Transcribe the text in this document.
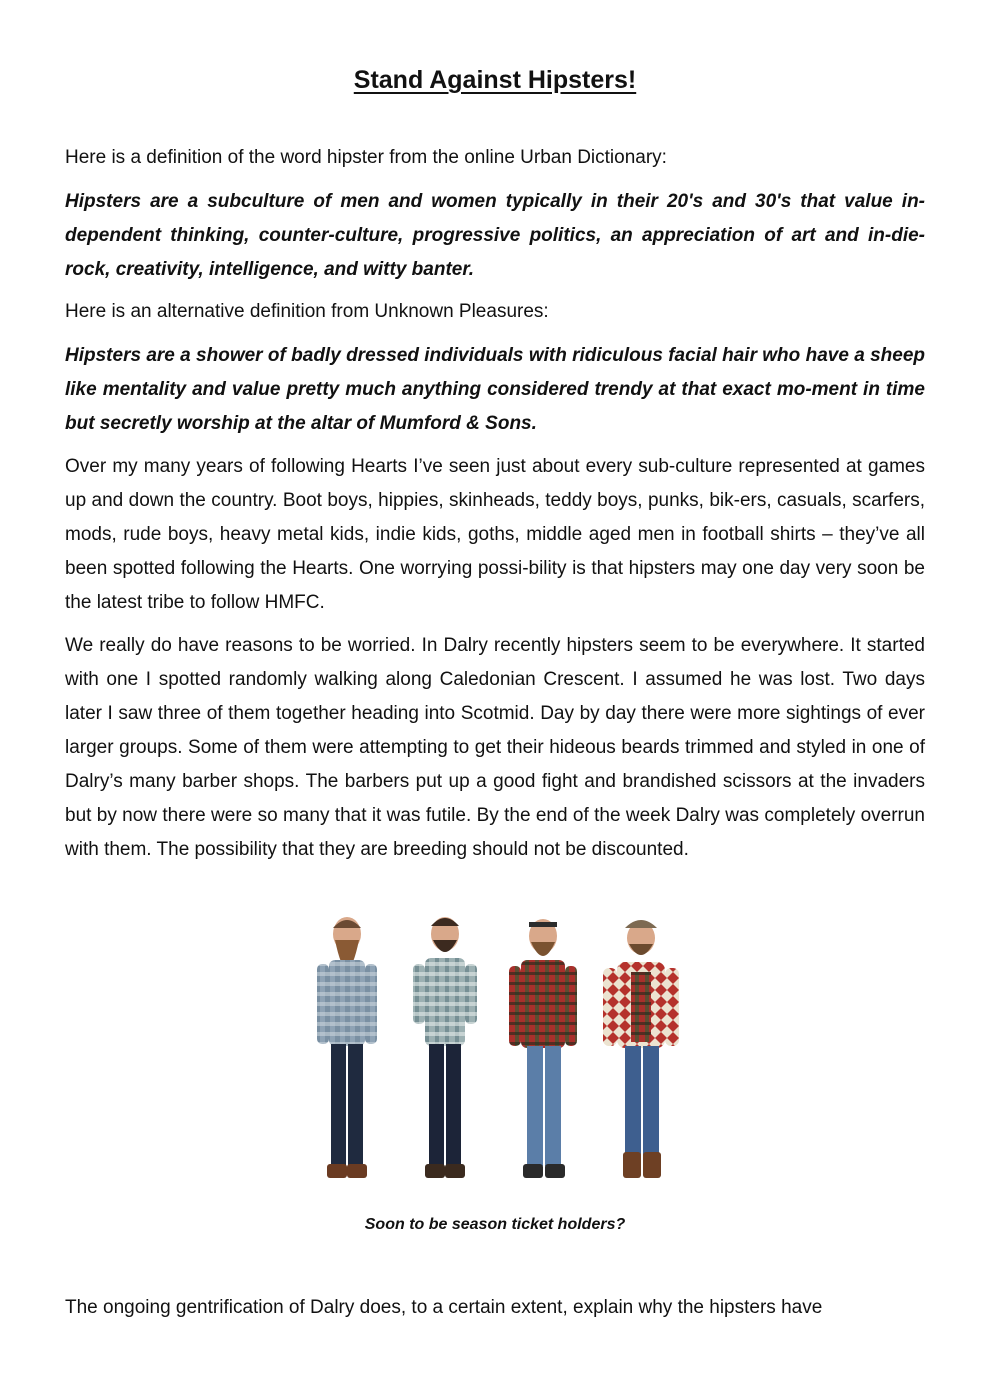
Stand Against Hipsters!

Here is a definition of the word hipster from the online Urban Dictionary:

Hipsters are a subculture of men and women typically in their 20's and 30's that value in-dependent thinking, counter-culture, progressive politics, an appreciation of art and in-die-rock, creativity, intelligence, and witty banter.

Here is an alternative definition from Unknown Pleasures:

Hipsters are a shower of badly dressed individuals with ridiculous facial hair who have a sheep like mentality and value pretty much anything considered trendy at that exact mo-ment in time but secretly worship at the altar of Mumford & Sons.

Over my many years of following Hearts I’ve seen just about every sub-culture represented at games up and down the country. Boot boys, hippies, skinheads, teddy boys, punks, bik-ers, casuals, scarfers, mods, rude boys, heavy metal kids, indie kids, goths, middle aged men in football shirts – they’ve all been spotted following the Hearts. One worrying possi-bility is that hipsters may one day very soon be the latest tribe to follow HMFC.

We really do have reasons to be worried. In Dalry recently hipsters seem to be everywhere. It started with one I spotted randomly walking along Caledonian Crescent. I assumed he was lost. Two days later I saw three of them together heading into Scotmid. Day by day there were more sightings of ever larger groups. Some of them were attempting to get their hideous beards trimmed and styled in one of Dalry’s many barber shops. The barbers put up a good fight and brandished scissors at the invaders but by now there were so many that it was futile. By the end of the week Dalry was completely overrun with them. The possibility that they are breeding should not be discounted.

Soon to be season ticket holders?

The ongoing gentrification of Dalry does, to a certain extent, explain why the hipsters have
